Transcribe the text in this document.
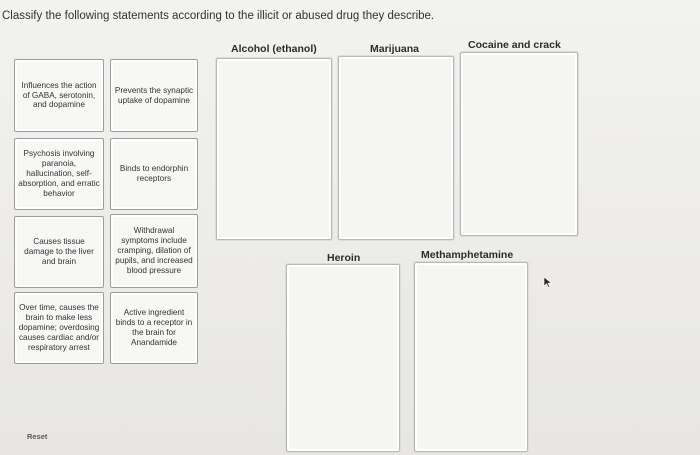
Classify the following statements according to the illicit or abused drug they describe.
Alcohol (ethanol)	Marijuana	Cocaine and crack
Heroin	Methamphetamine
Influences the action of GABA, serotonin, and dopamine
Prevents the synaptic uptake of dopamine
Psychosis involving paranoia, hallucination, self-absorption, and erratic behavior
Binds to endorphin receptors
Causes tissue damage to the liver and brain
Withdrawal symptoms include cramping, dilation of pupils, and increased blood pressure
Over time, causes the brain to make less dopamine; overdosing causes cardiac and/or respiratory arrest
Active ingredient binds to a receptor in the brain for Anandamide
Reset
